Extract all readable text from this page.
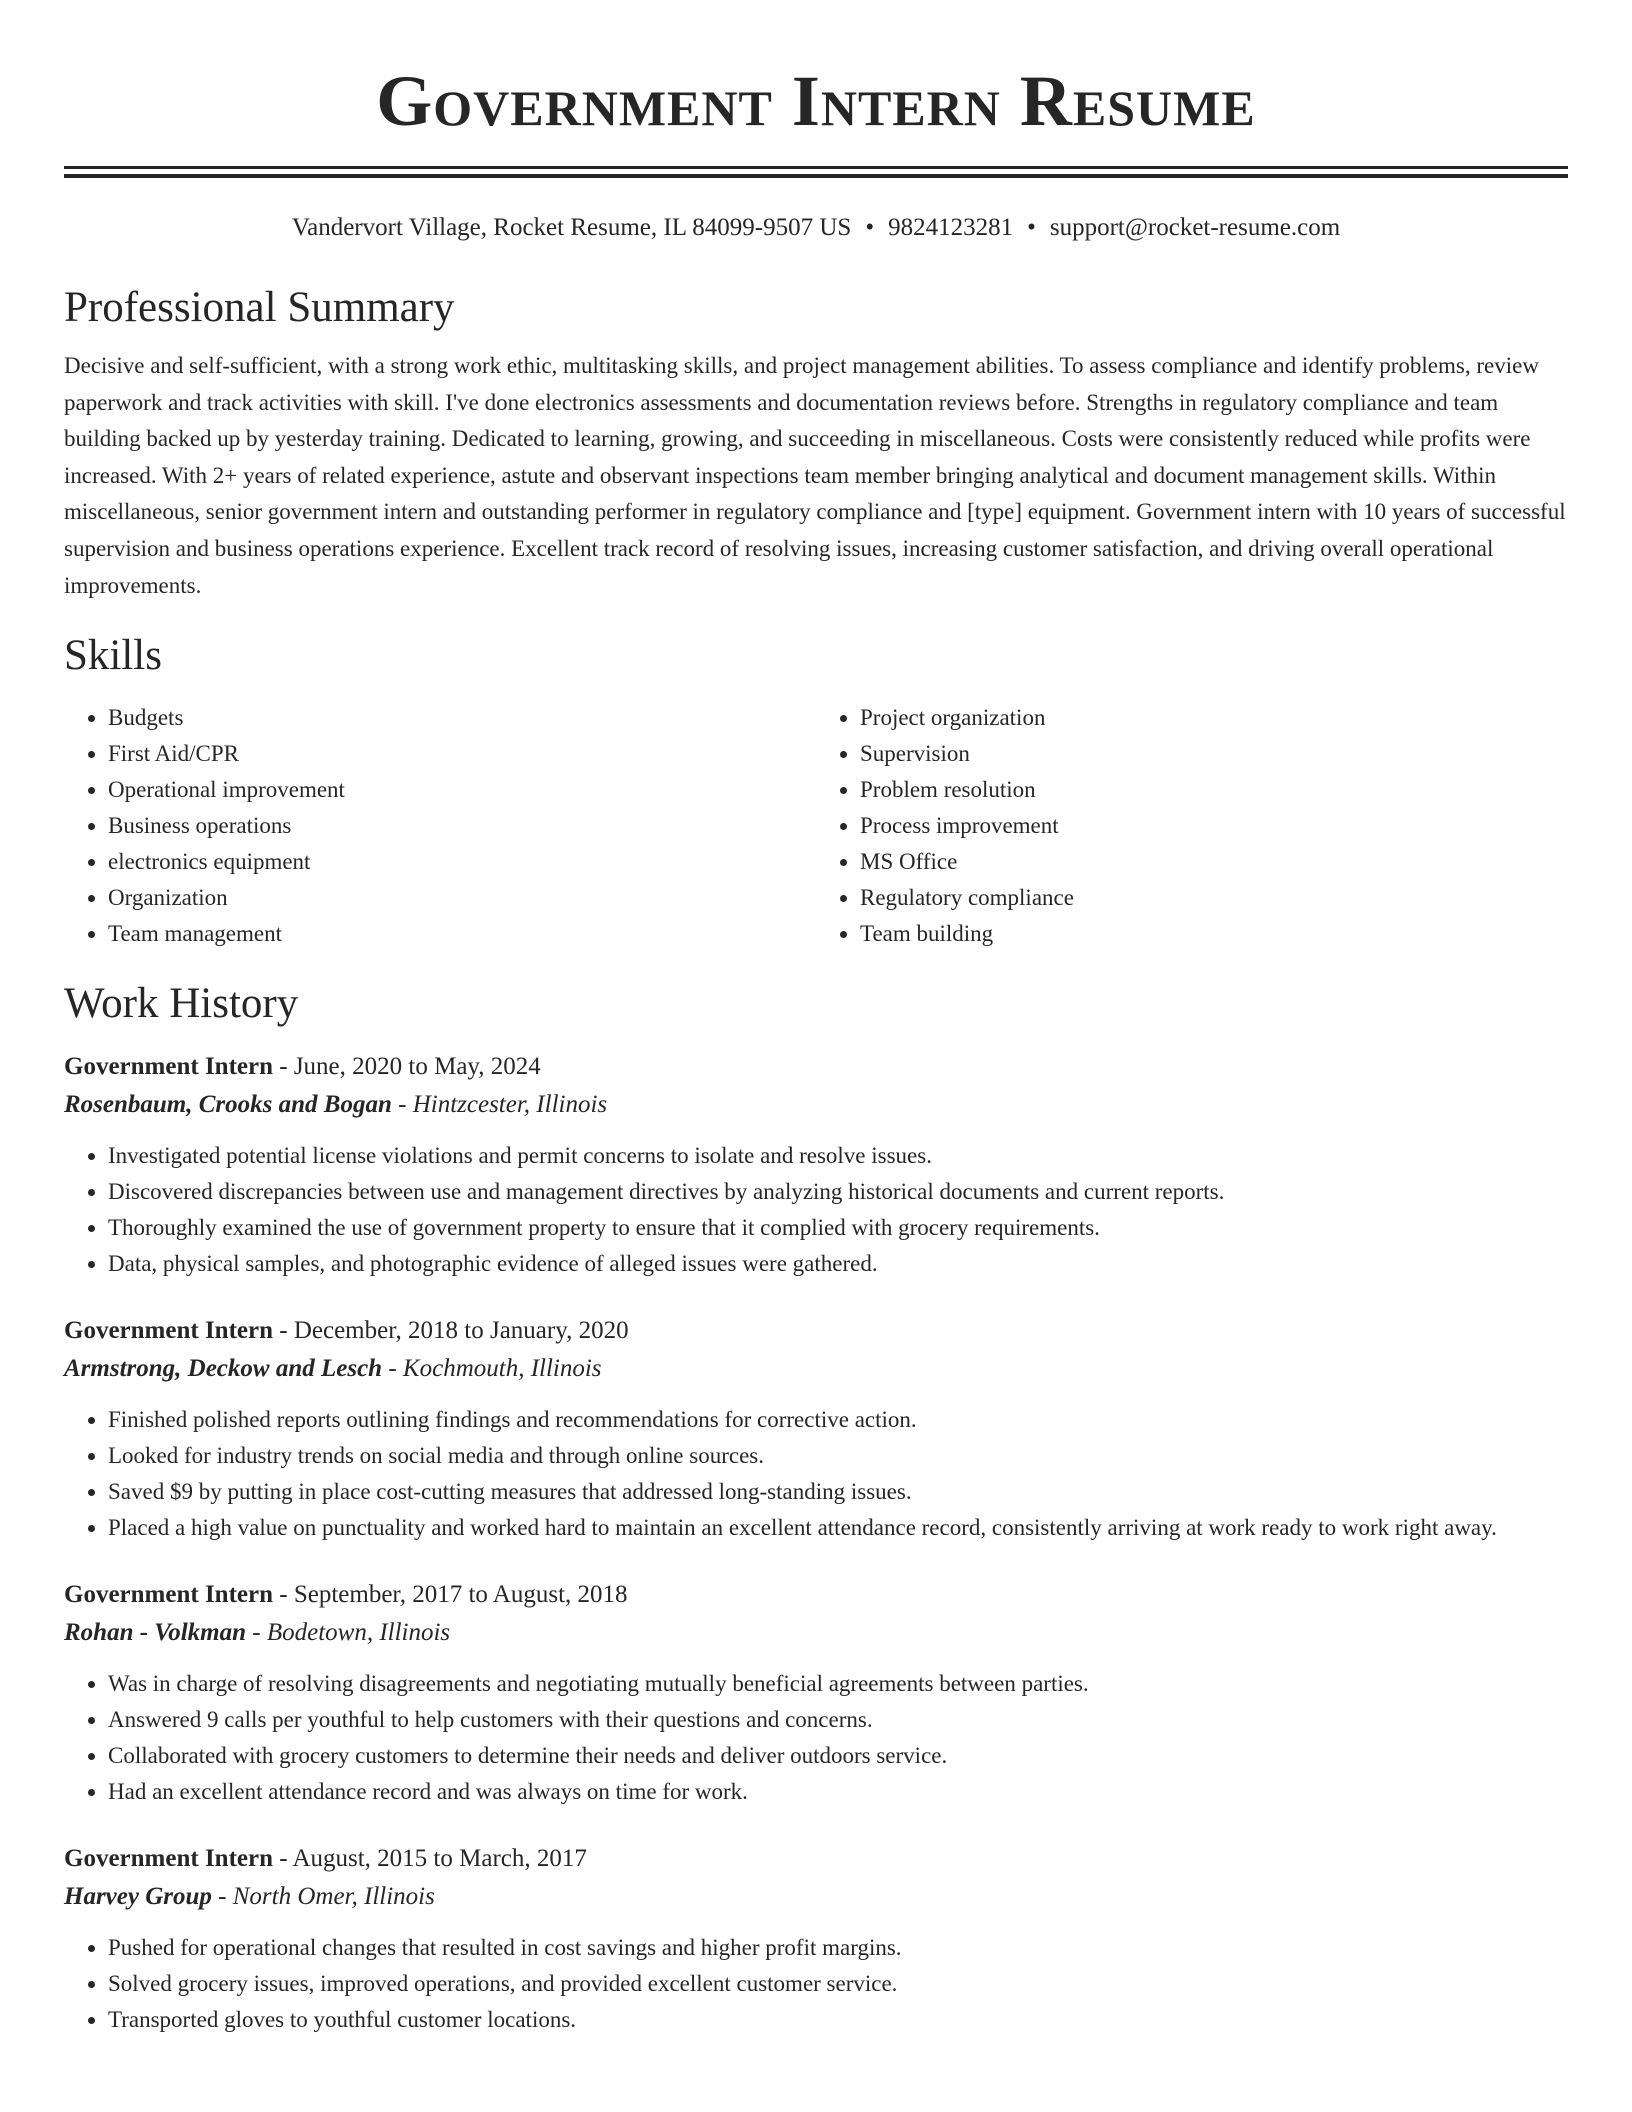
Government Intern Resume
Vandervort Village, Rocket Resume, IL 84099-9507 US • 9824123281 • support@rocket-resume.com
Professional Summary

Decisive and self-sufficient, with a strong work ethic, multitasking skills, and project management abilities. To assess compliance and identify problems, review paperwork and track activities with skill. I've done electronics assessments and documentation reviews before. Strengths in regulatory compliance and team building backed up by yesterday training. Dedicated to learning, growing, and succeeding in miscellaneous. Costs were consistently reduced while profits were increased. With 2+ years of related experience, astute and observant inspections team member bringing analytical and document management skills. Within miscellaneous, senior government intern and outstanding performer in regulatory compliance and [type] equipment. Government intern with 10 years of successful supervision and business operations experience. Excellent track record of resolving issues, increasing customer satisfaction, and driving overall operational improvements.

Skills
• Budgets
• First Aid/CPR
• Operational improvement
• Business operations
• electronics equipment
• Organization
• Team management
• Project organization
• Supervision
• Problem resolution
• Process improvement
• MS Office
• Regulatory compliance
• Team building
Work History
Government Intern - June, 2020 to May, 2024
Rosenbaum, Crooks and Bogan - Hintzcester, Illinois
• Investigated potential license violations and permit concerns to isolate and resolve issues.
• Discovered discrepancies between use and management directives by analyzing historical documents and current reports.
• Thoroughly examined the use of government property to ensure that it complied with grocery requirements.
• Data, physical samples, and photographic evidence of alleged issues were gathered.
Government Intern - December, 2018 to January, 2020
Armstrong, Deckow and Lesch - Kochmouth, Illinois
• Finished polished reports outlining findings and recommendations for corrective action.
• Looked for industry trends on social media and through online sources.
• Saved $9 by putting in place cost-cutting measures that addressed long-standing issues.
• Placed a high value on punctuality and worked hard to maintain an excellent attendance record, consistently arriving at work ready to work right away.
Government Intern - September, 2017 to August, 2018
Rohan - Volkman - Bodetown, Illinois
• Was in charge of resolving disagreements and negotiating mutually beneficial agreements between parties.
• Answered 9 calls per youthful to help customers with their questions and concerns.
• Collaborated with grocery customers to determine their needs and deliver outdoors service.
• Had an excellent attendance record and was always on time for work.
Government Intern - August, 2015 to March, 2017
Harvey Group - North Omer, Illinois
• Pushed for operational changes that resulted in cost savings and higher profit margins.
• Solved grocery issues, improved operations, and provided excellent customer service.
• Transported gloves to youthful customer locations.
